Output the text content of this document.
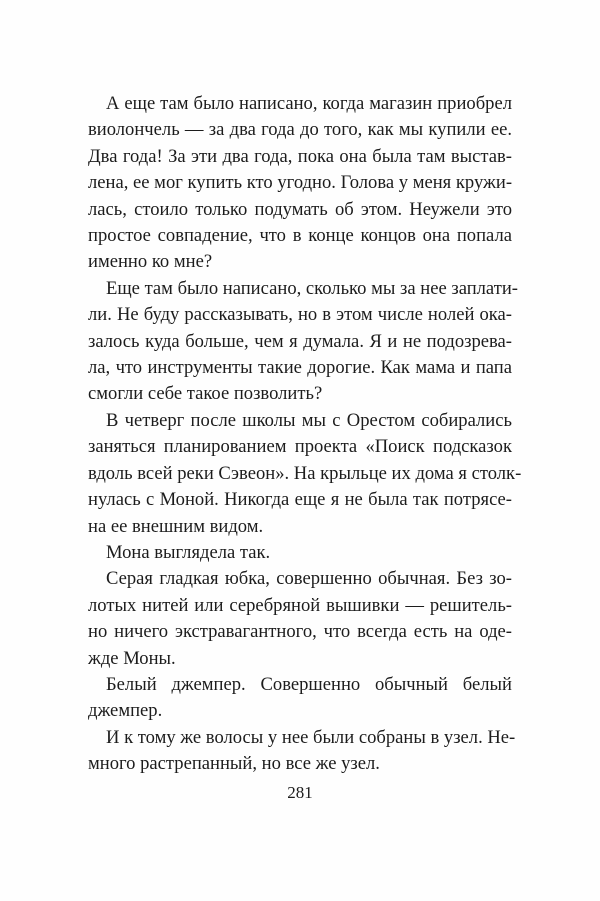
А еще там было написано, когда магазин приобрел
виолончель — за два года до того, как мы купили ее.
Два года! За эти два года, пока она была там выстав-
лена, ее мог купить кто угодно. Голова у меня кружи-
лась, стоило только подумать об этом. Неужели это
простое совпадение, что в конце концов она попала
именно ко мне?

Еще там было написано, сколько мы за нее заплати-
ли. Не буду рассказывать, но в этом числе нолей ока-
залось куда больше, чем я думала. Я и не подозрева-
ла, что инструменты такие дорогие. Как мама и папа
смогли себе такое позволить?

В четверг после школы мы с Орестом собирались
заняться планированием проекта «Поиск подсказок
вдоль всей реки Сэвеон». На крыльце их дома я столк-
нулась с Моной. Никогда еще я не была так потрясе-
на ее внешним видом.

Мона выглядела так.

Серая гладкая юбка, совершенно обычная. Без зо-
лотых нитей или серебряной вышивки — решитель-
но ничего экстравагантного, что всегда есть на оде-
жде Моны.

Белый джемпер. Совершенно обычный белый
джемпер.

И к тому же волосы у нее были собраны в узел. Не-
много растрепанный, но все же узел.

281
